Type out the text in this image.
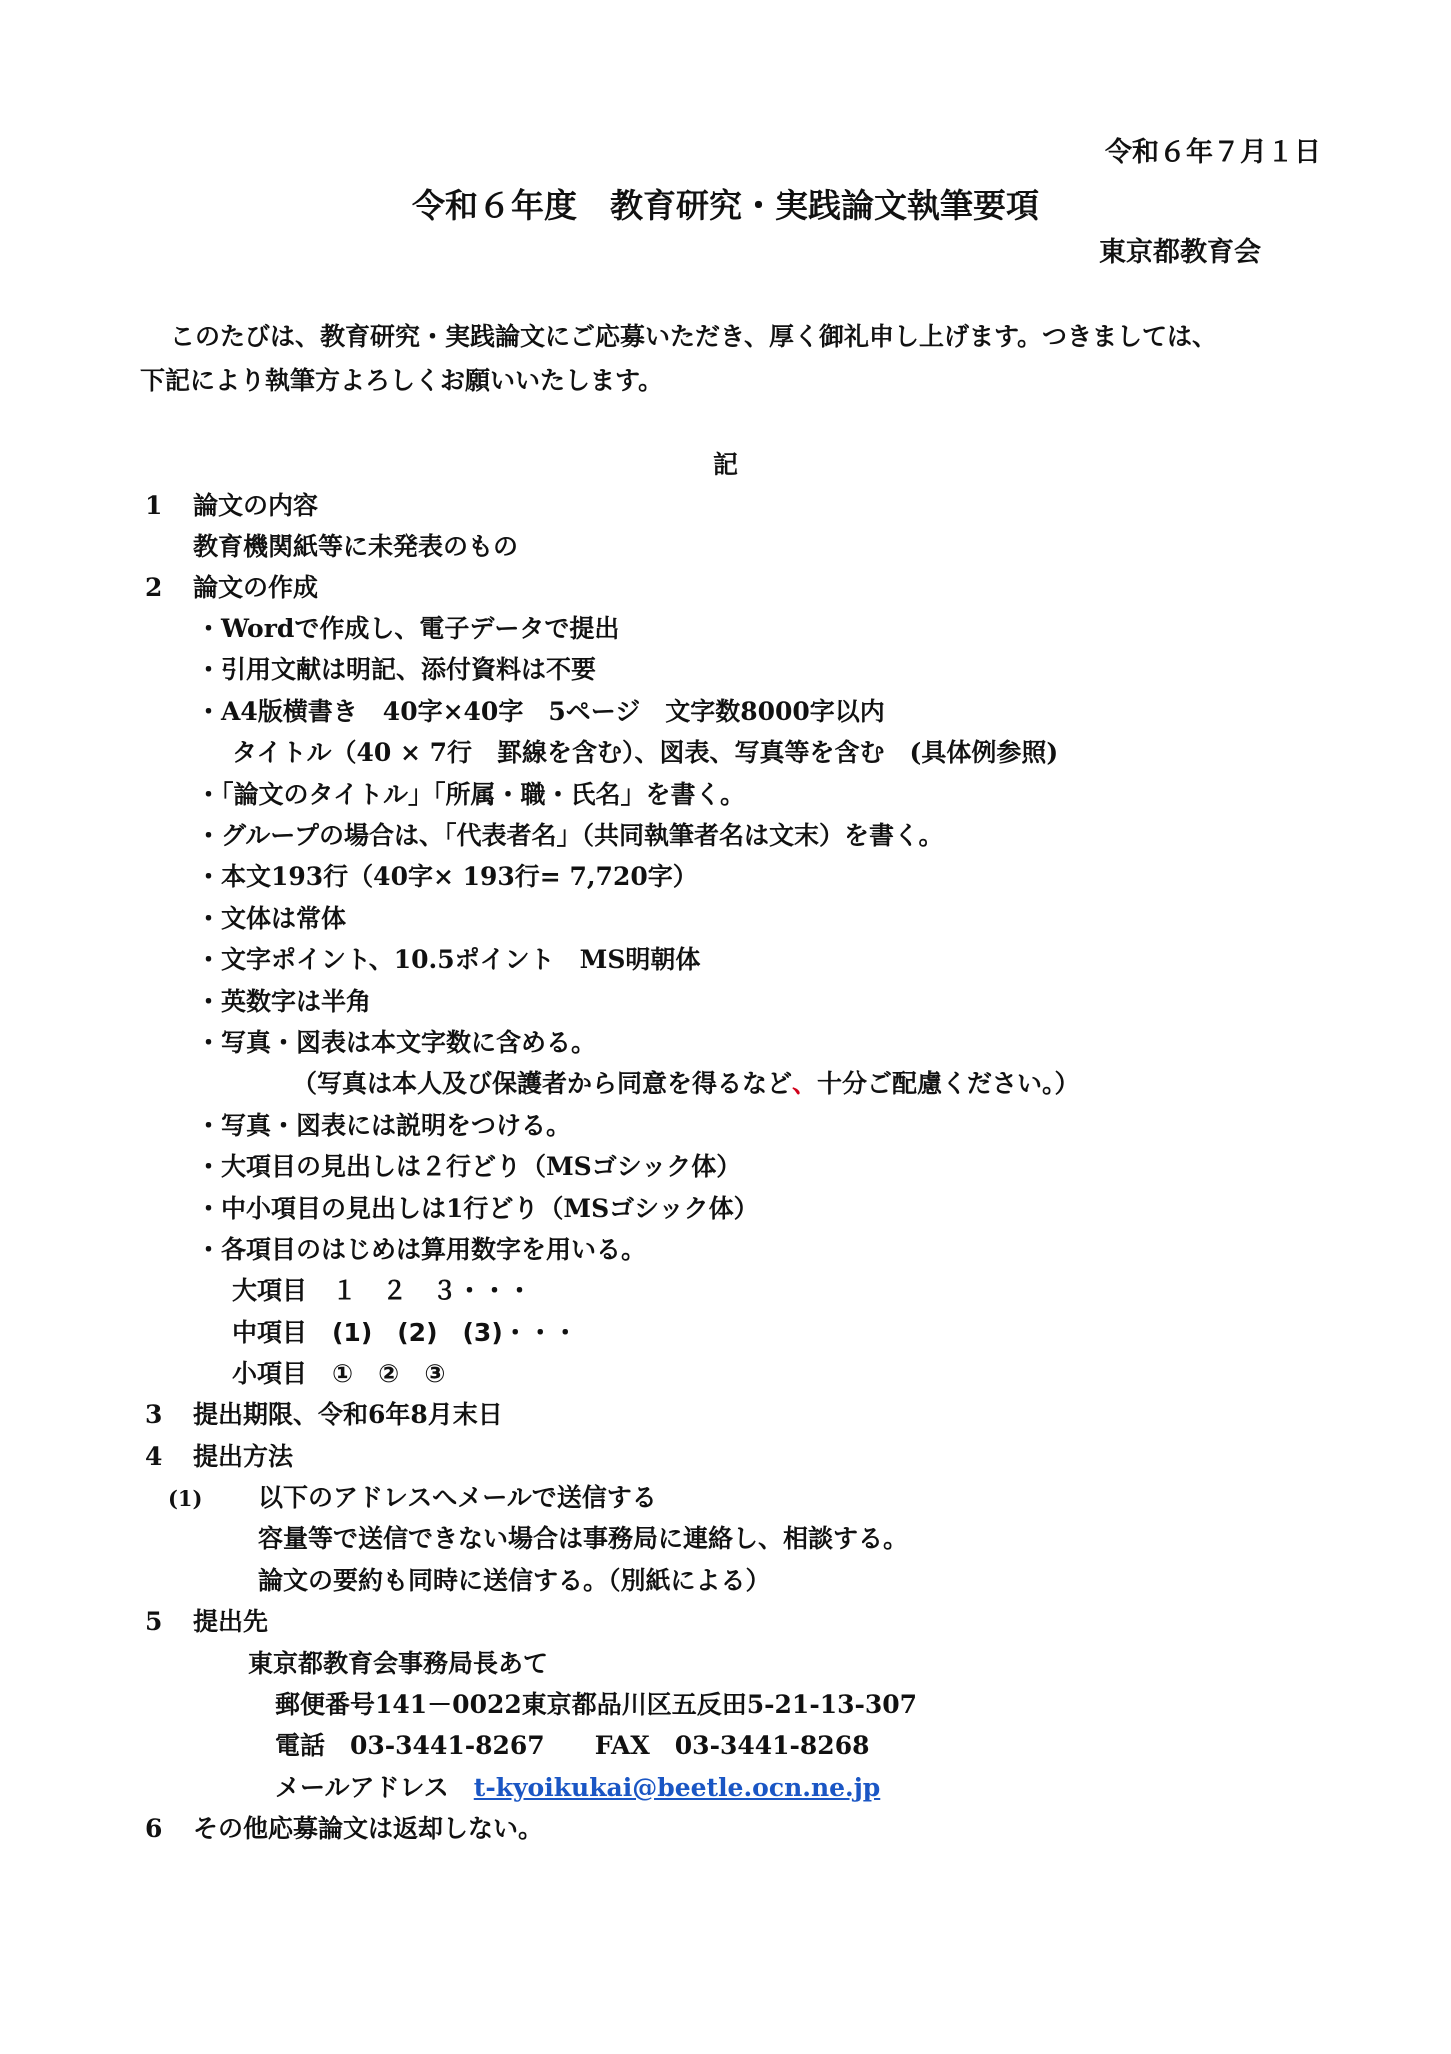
令和６年７月１日
令和６年度　教育研究・実践論文執筆要項
東京都教育会
このたびは、教育研究・実践論文にご応募いただき、厚く御礼申し上げます。つきましては、
下記により執筆方よろしくお願いいたします。
記
1 論文の内容
教育機関紙等に未発表のもの
2 論文の作成
・Wordで作成し、電子データで提出
・引用文献は明記、添付資料は不要
・A4版横書き　40字×40字　5ページ　文字数8000字以内
タイトル（40 × 7行　罫線を含む）、図表、写真等を含む　(具体例参照)
・「論文のタイトル」「所属・職・氏名」を書く。
・グループの場合は、「代表者名」（共同執筆者名は文末）を書く。
・本文193行（40字× 193行= 7,720字）
・文体は常体
・文字ポイント、10.5ポイント　MS明朝体
・英数字は半角
・写真・図表は本文字数に含める。
（写真は本人及び保護者から同意を得るなど、十分ご配慮ください。）
・写真・図表には説明をつける。
・大項目の見出しは２行どり（MSゴシック体）
・中小項目の見出しは1行どり（MSゴシック体）
・各項目のはじめは算用数字を用いる。
大項目　１　２　３・・・
中項目　(1)　(2)　(3)・・・
小項目　①　②　③
3 提出期限、令和6年8月末日
4 提出方法
(1) 以下のアドレスへメールで送信する
容量等で送信できない場合は事務局に連絡し、相談する。
論文の要約も同時に送信する。（別紙による）
5 提出先
東京都教育会事務局長あて
郵便番号141－0022東京都品川区五反田5-21-13-307
電話　03-3441-8267　　FAX　03-3441-8268
メールアドレス　t-kyoikukai@beetle.ocn.ne.jp
6 その他応募論文は返却しない。
